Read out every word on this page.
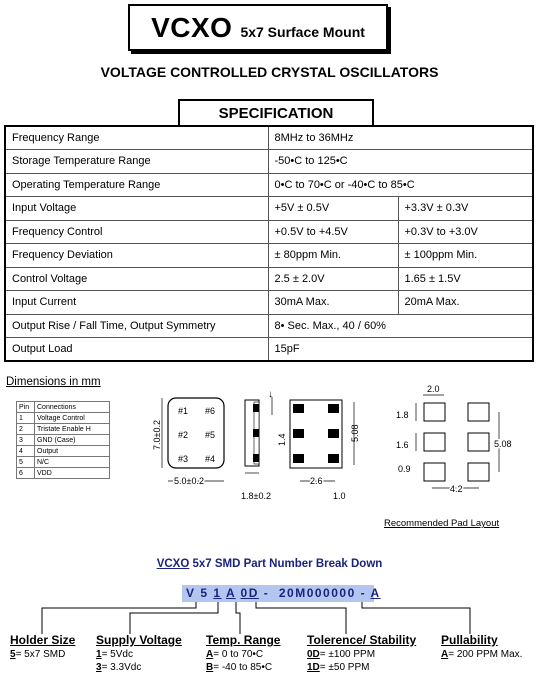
VCXO 5x7 Surface Mount
VOLTAGE CONTROLLED CRYSTAL OSCILLATORS
SPECIFICATION
Frequency Range	8MHz to 36MHz	
Storage Temperature Range	-50•C to 125•C	
Operating Temperature Range	0•C to 70•C or -40•C to 85•C	
Input Voltage	+5V ± 0.5V	+3.3V ± 0.3V
Frequency Control	+0.5V to +4.5V	+0.3V to +3.0V
Frequency Deviation	± 80ppm Min.	± 100ppm Min.
Control Voltage	2.5 ± 2.0V	1.65 ± 1.5V
Input Current	30mA Max.	20mA Max.
Output Rise / Fall Time, Output Symmetry	8• Sec. Max., 40 / 60%	
Output Load	15pF	
Dimensions in mm
Pin	Connections
1	Voltage Control
2	Tristate Enable H
3	GND (Case)
4	Output
5	N/C
6	VDD
#1
#2
#3
#6
#5
#4
7.0±0.2
5.0±0.2
1.8±0.2
↓
1.4	5.08
2.6
1.0
2.0
1.8
1.6
0.9
5.08
4.2
Recommended Pad Layout
VCXO 5x7 SMD Part Number Break Down
V 5 1 A 0D -  20M000000 - A
Holder Size
5= 5x7 SMD
Supply Voltage
1= 5Vdc
3= 3.3Vdc
Temp. Range
A= 0 to 70•C
B= -40 to 85•C
Tolerence/ Stability
0D= ±100 PPM
1D= ±50 PPM
Pullability
A= 200 PPM Max.
